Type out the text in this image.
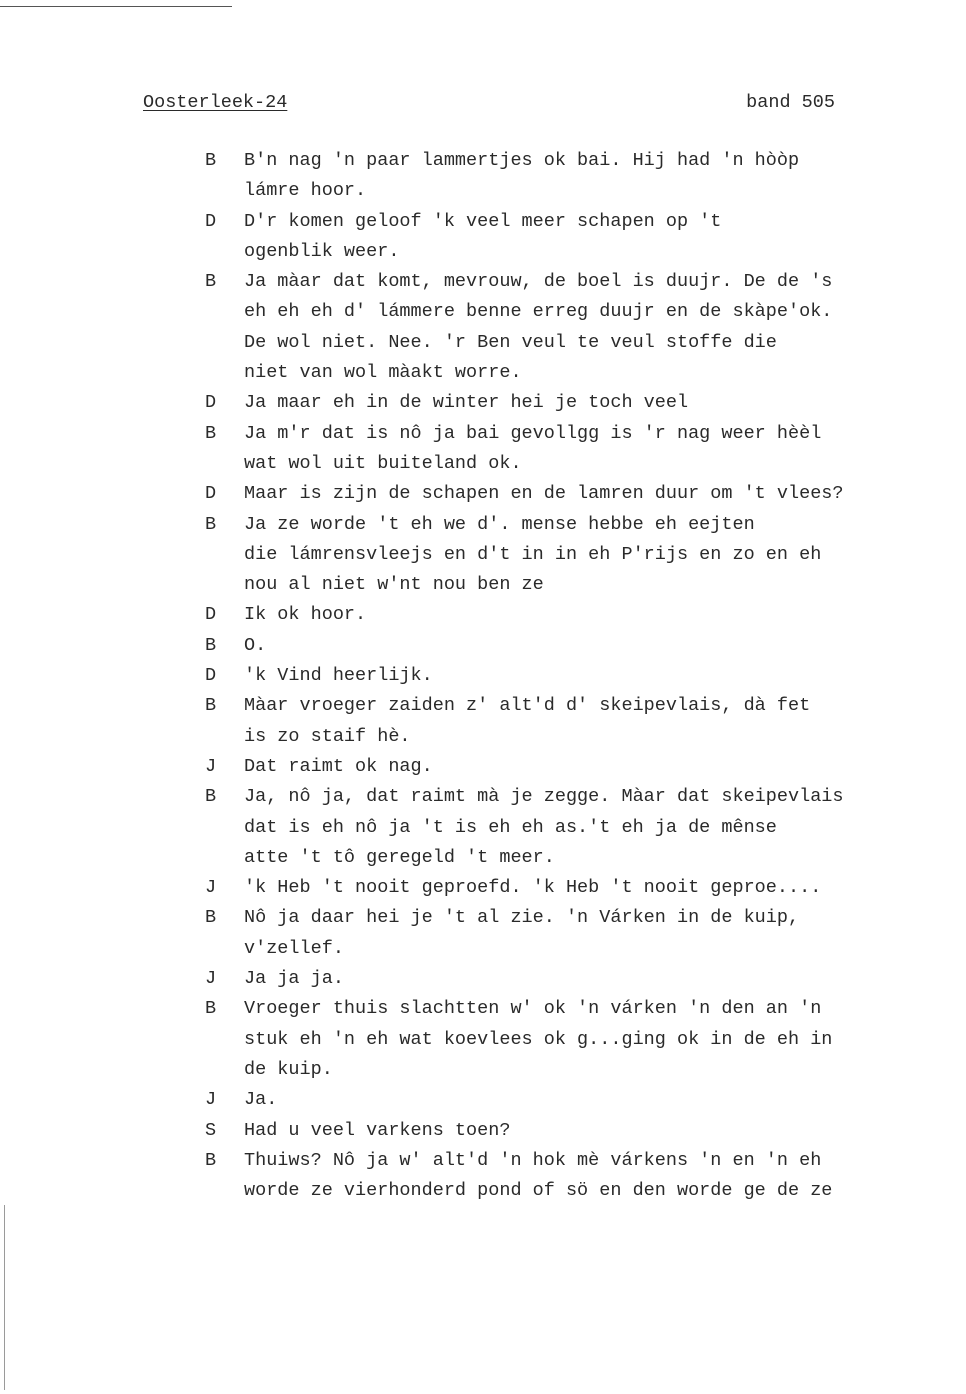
Oosterleek-24	band 505
B	B'n nag 'n paar lammertjes ok bai. Hij had 'n hòòp
lámre hoor.
D	D'r komen geloof 'k veel meer schapen op 't
ogenblik weer.
B	Ja màar dat komt, mevrouw, de boel is duujr. De de 's
eh eh eh d' lámmere benne erreg duujr en de skàpe'ok.
De wol niet. Nee. 'r Ben veul te veul stoffe die
niet van wol màakt worre.
D	Ja maar eh in de winter hei je toch veel
B	Ja m'r dat is nô ja bai gevollgg is 'r nag weer hèèl
wat wol uit buiteland ok.
D	Maar is zijn de schapen en de lamren duur om 't vlees?
B	Ja ze worde 't eh we d'. mense hebbe eh eejten
die lámrensvleejs en d't in in eh P'rijs en zo en eh
nou al niet w'nt nou ben ze
D	Ik ok hoor.
B	O.
D	'k Vind heerlijk.
B	Màar vroeger zaiden z' alt'd d' skeipevlais, dà fet
is zo staif hè.
J	Dat raimt ok nag.
B	Ja, nô ja, dat raimt mà je zegge. Màar dat skeipevlais
dat is eh nô ja 't is eh eh as.'t eh ja de mênse
atte 't tô geregeld 't meer.
J	'k Heb 't nooit geproefd. 'k Heb 't nooit geproe....
B	Nô ja daar hei je 't al zie. 'n Várken in de kuip,
v'zellef.
J	Ja ja ja.
B	Vroeger thuis slachtten w' ok 'n várken 'n den an 'n
stuk eh 'n eh wat koevlees ok g...ging ok in de eh in
de kuip.
J	Ja.
S	Had u veel varkens toen?
B	Thuiws? Nô ja w' alt'd 'n hok mè várkens 'n en 'n eh
worde ze vierhonderd pond of sö en den worde ge de ze
